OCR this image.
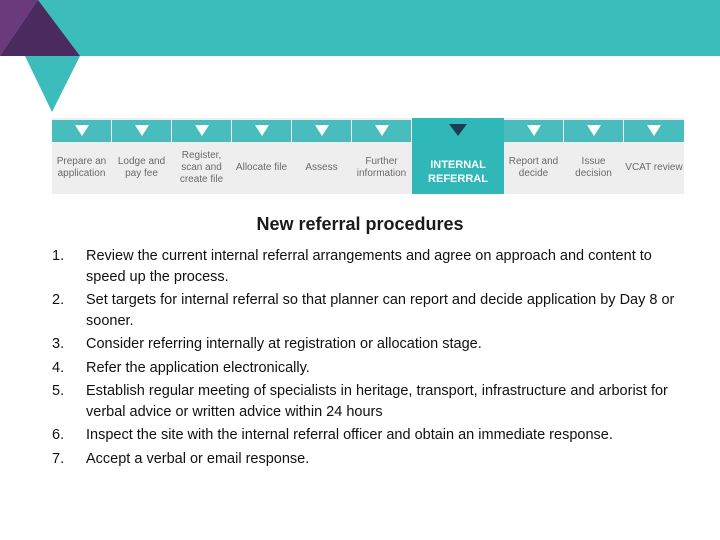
Prepare an application
Lodge and pay fee
Register, scan and create file
Allocate file	Assess
Further information
INTERNAL REFERRAL
Report and decide
Issue decision
VCAT review
New referral procedures
1. Review the current internal referral arrangements and agree on approach and content to speed up the process.
2. Set targets for internal referral so that planner can report and decide application by Day 8 or sooner.
3. Consider referring internally at registration or allocation stage.
4. Refer the application electronically.
5. Establish regular meeting of specialists in heritage, transport, infrastructure and arborist for verbal advice or written advice within 24 hours
6. Inspect the site with the internal referral officer and obtain an immediate response.
7. Accept a verbal or email response.
